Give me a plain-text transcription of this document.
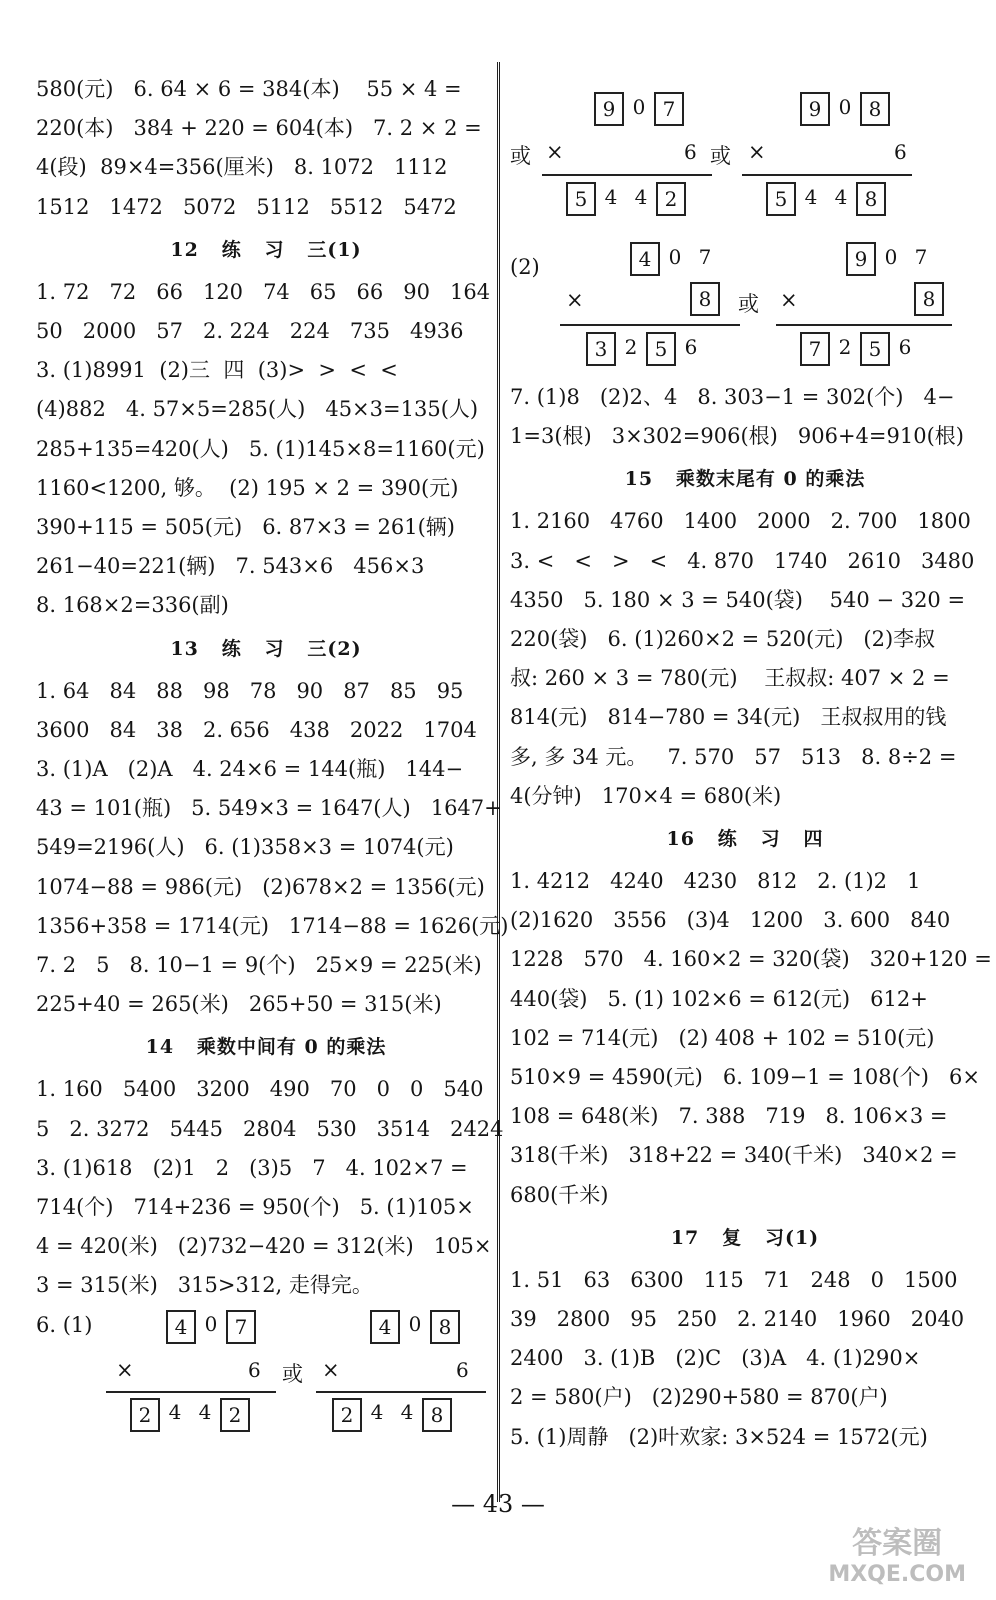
580(元)   6. 64 × 6 = 384(本)    55 × 4 =
220(本)   384 + 220 = 604(本)   7. 2 × 2 =
4(段)  89×4=356(厘米)   8. 1072   1112
1512   1472   5072   5112   5512   5472
12   练   习   三(1)
1. 72   72   66   120   74   65   66   90   164
50   2000   57   2. 224   224   735   4936
3. (1)8991  (2)三  四  (3)>  >  <  <
(4)882   4. 57×5=285(人)   45×3=135(人)
285+135=420(人)   5. (1)145×8=1160(元)
1160<1200, 够。  (2) 195 × 2 = 390(元)
390+115 = 505(元)   6. 87×3 = 261(辆)
261−40=221(辆)   7. 543×6   456×3
8. 168×2=336(副)
13   练   习   三(2)
1. 64   84   88   98   78   90   87   85   95
3600   84   38   2. 656   438   2022   1704
3. (1)A   (2)A   4. 24×6 = 144(瓶)   144−
43 = 101(瓶)   5. 549×3 = 1647(人)   1647+
549=2196(人)   6. (1)358×3 = 1074(元)
1074−88 = 986(元)   (2)678×2 = 1356(元)
1356+358 = 1714(元)   1714−88 = 1626(元)
7. 2   5   8. 10−1 = 9(个)   25×9 = 225(米)
225+40 = 265(米)   265+50 = 315(米)
14   乘数中间有 0 的乘法
1. 160   5400   3200   490   70   0   0   540
5   2. 3272   5445   2804   530   3514   2424
3. (1)618   (2)1   2   (3)5   7   4. 102×7 =
714(个)   714+236 = 950(个)   5. (1)105×
4 = 420(米)   (2)732−420 = 312(米)   105×
3 = 315(米)   315>312, 走得完。
6. (1)	4 0 7
×	6
2 4 4 2
或
4 0 8
×	6
2 4 4 8
9 0 7
×	6
5 4 4 2
或	或
9 0 8
×	6
5 4 4 8
(2)	4 0 7
×	8
3 2 5 6
或
9 0 7
×	8
7 2 5 6
7. (1)8   (2)2、4   8. 303−1 = 302(个)   4−
1=3(根)   3×302=906(根)   906+4=910(根)
15   乘数末尾有 0 的乘法
1. 2160   4760   1400   2000   2. 700   1800
3. <   <   >   <   4. 870   1740   2610   3480
4350   5. 180 × 3 = 540(袋)    540 − 320 =
220(袋)   6. (1)260×2 = 520(元)   (2)李叔
叔: 260 × 3 = 780(元)    王叔叔: 407 × 2 =
814(元)   814−780 = 34(元)   王叔叔用的钱
多, 多 34 元。   7. 570   57   513   8. 8÷2 =
4(分钟)   170×4 = 680(米)
16   练   习   四
1. 4212   4240   4230   812   2. (1)2   1
(2)1620   3556   (3)4   1200   3. 600   840
1228   570   4. 160×2 = 320(袋)   320+120 =
440(袋)   5. (1) 102×6 = 612(元)   612+
102 = 714(元)   (2) 408 + 102 = 510(元)
510×9 = 4590(元)   6. 109−1 = 108(个)   6×
108 = 648(米)   7. 388   719   8. 106×3 =
318(千米)   318+22 = 340(千米)   340×2 =
680(千米)
17   复   习(1)
1. 51   63   6300   115   71   248   0   1500
39   2800   95   250   2. 2140   1960   2040
2400   3. (1)B   (2)C   (3)A   4. (1)290×
2 = 580(户)   (2)290+580 = 870(户)
5. (1)周静   (2)叶欢家: 3×524 = 1572(元)
— 43 —
答案圈
MXQE.COM
